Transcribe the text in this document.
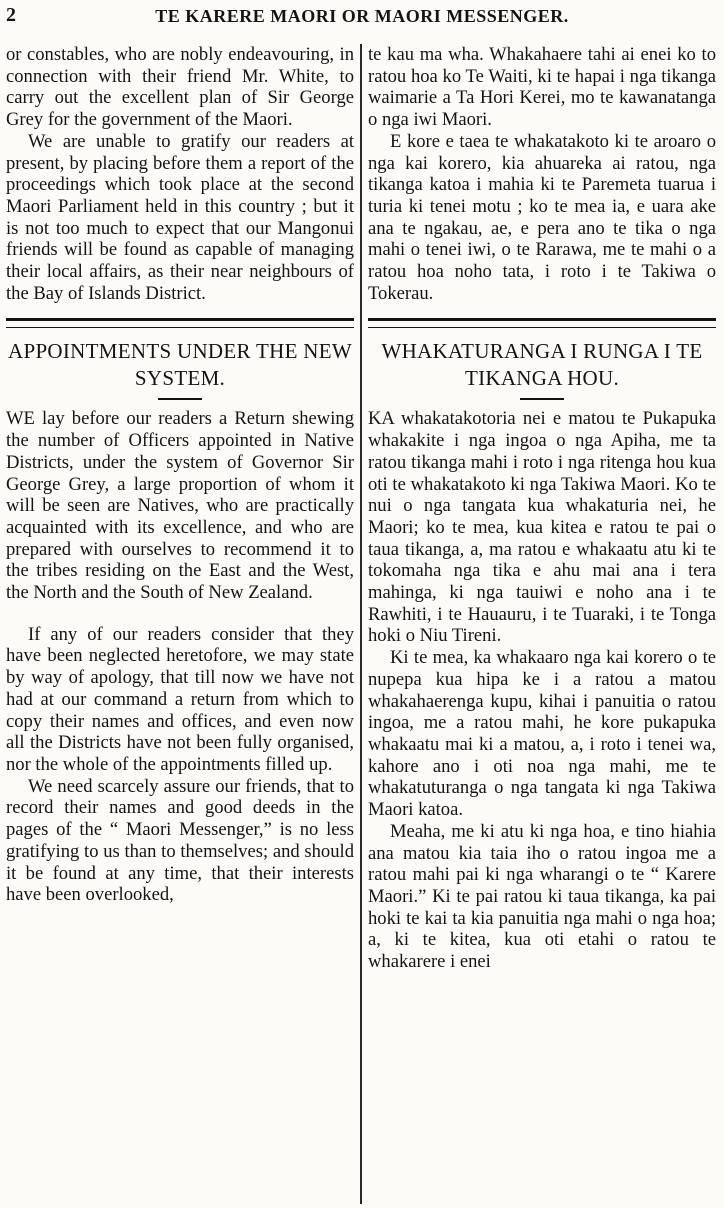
2	TE KARERE MAORI OR MAORI MESSENGER.

or constables, who are nobly endeavouring, in connection with their friend Mr. White, to carry out the excellent plan of Sir George Grey for the government of the Maori.

We are unable to gratify our readers at present, by placing before them a report of the proceedings which took place at the second Maori Parliament held in this country ; but it is not too much to expect that our Mangonui friends will be found as capable of managing their local affairs, as their near neighbours of the Bay of Islands District.

APPOINTMENTS UNDER THE NEW SYSTEM.

WE lay before our readers a Return shewing the number of Officers appointed in Native Districts, under the system of Governor Sir George Grey, a large proportion of whom it will be seen are Natives, who are practically acquainted with its excellence, and who are prepared with ourselves to recommend it to the tribes residing on the East and the West, the North and the South of New Zealand.

If any of our readers consider that they have been neglected heretofore, we may state by way of apology, that till now we have not had at our command a return from which to copy their names and offices, and even now all the Districts have not been fully organised, nor the whole of the appointments filled up.

We need scarcely assure our friends, that to record their names and good deeds in the pages of the “ Maori Messenger,” is no less gratifying to us than to themselves; and should it be found at any time, that their interests have been overlooked,

te kau ma wha. Whakahaere tahi ai enei ko to ratou hoa ko Te Waiti, ki te hapai i nga tikanga waimarie a Ta Hori Kerei, mo te kawanatanga o nga iwi Maori.

E kore e taea te whakatakoto ki te aroaro o nga kai korero, kia ahuareka ai ratou, nga tikanga katoa i mahia ki te Paremeta tuarua i turia ki tenei motu ; ko te mea ia, e uara ake ana te ngakau, ae, e pera ano te tika o nga mahi o tenei iwi, o te Rarawa, me te mahi o a ratou hoa noho tata, i roto i te Takiwa o Tokerau.

WHAKATURANGA I RUNGA I TE TIKANGA HOU.

KA whakatakotoria nei e matou te Pukapuka whakakite i nga ingoa o nga Apiha, me ta ratou tikanga mahi i roto i nga ritenga hou kua oti te whakatakoto ki nga Takiwa Maori. Ko te nui o nga tangata kua whakaturia nei, he Maori; ko te mea, kua kitea e ratou te pai o taua tikanga, a, ma ratou e whakaatu atu ki te tokomaha nga tika e ahu mai ana i tera mahinga, ki nga tauiwi e noho ana i te Rawhiti, i te Hauauru, i te Tuaraki, i te Tonga hoki o Niu Tireni.

Ki te mea, ka whakaaro nga kai korero o te nupepa kua hipa ke i a ratou a matou whakahaerenga kupu, kihai i panuitia o ratou ingoa, me a ratou mahi, he kore pukapuka whakaatu mai ki a matou, a, i roto i tenei wa, kahore ano i oti noa nga mahi, me te whakatuturanga o nga tangata ki nga Takiwa Maori katoa.

Meaha, me ki atu ki nga hoa, e tino hiahia ana matou kia taia iho o ratou ingoa me a ratou mahi pai ki nga wharangi o te “ Karere Maori.” Ki te pai ratou ki taua tikanga, ka pai hoki te kai ta kia panuitia nga mahi o nga hoa; a, ki te kitea, kua oti etahi o ratou te whakarere i enei
